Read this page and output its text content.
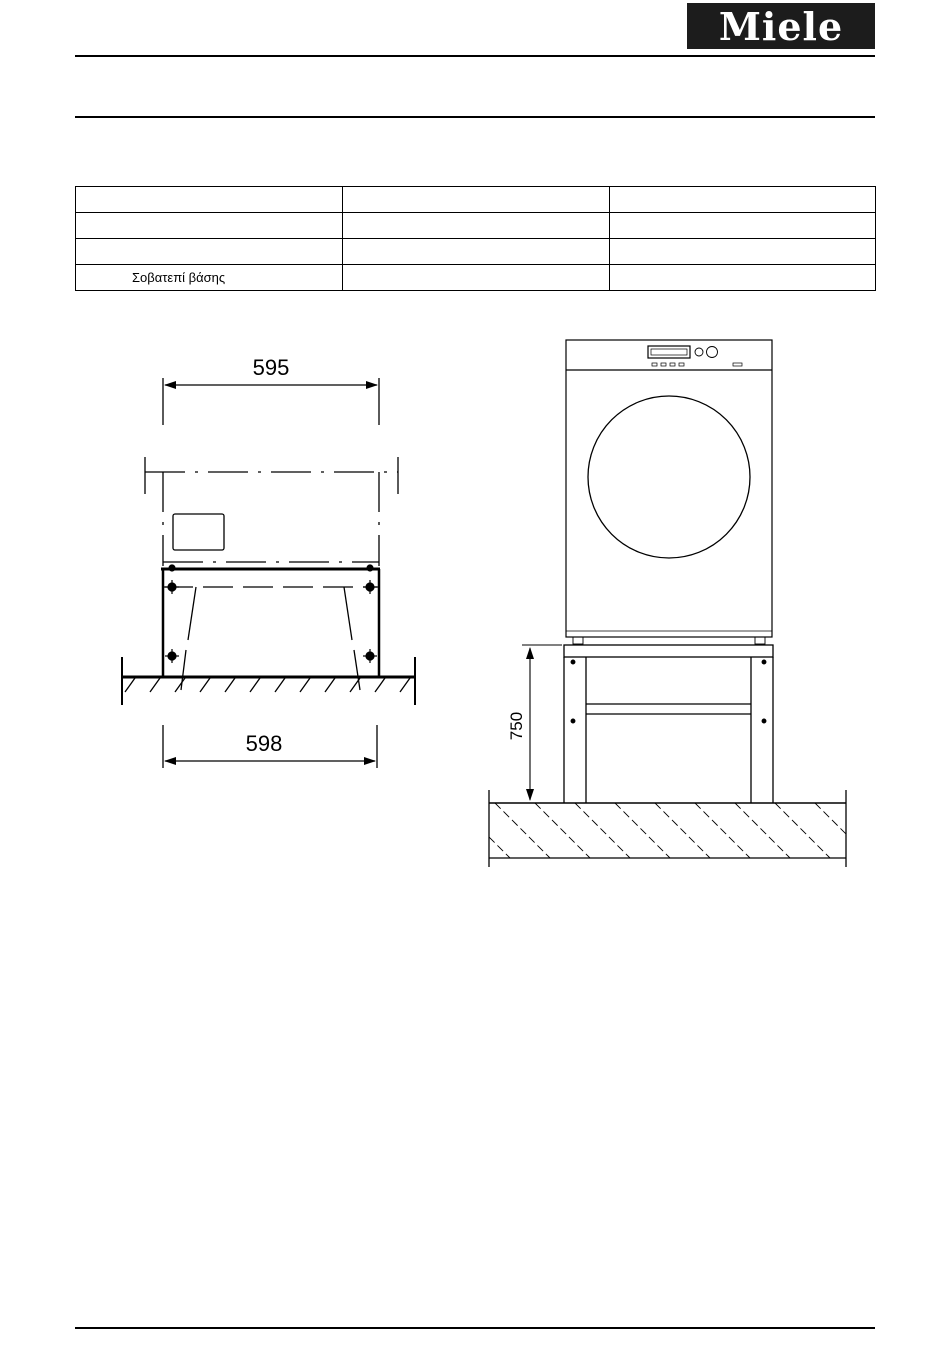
Miele

Σοβατεπί βάσης		

595
598
750
